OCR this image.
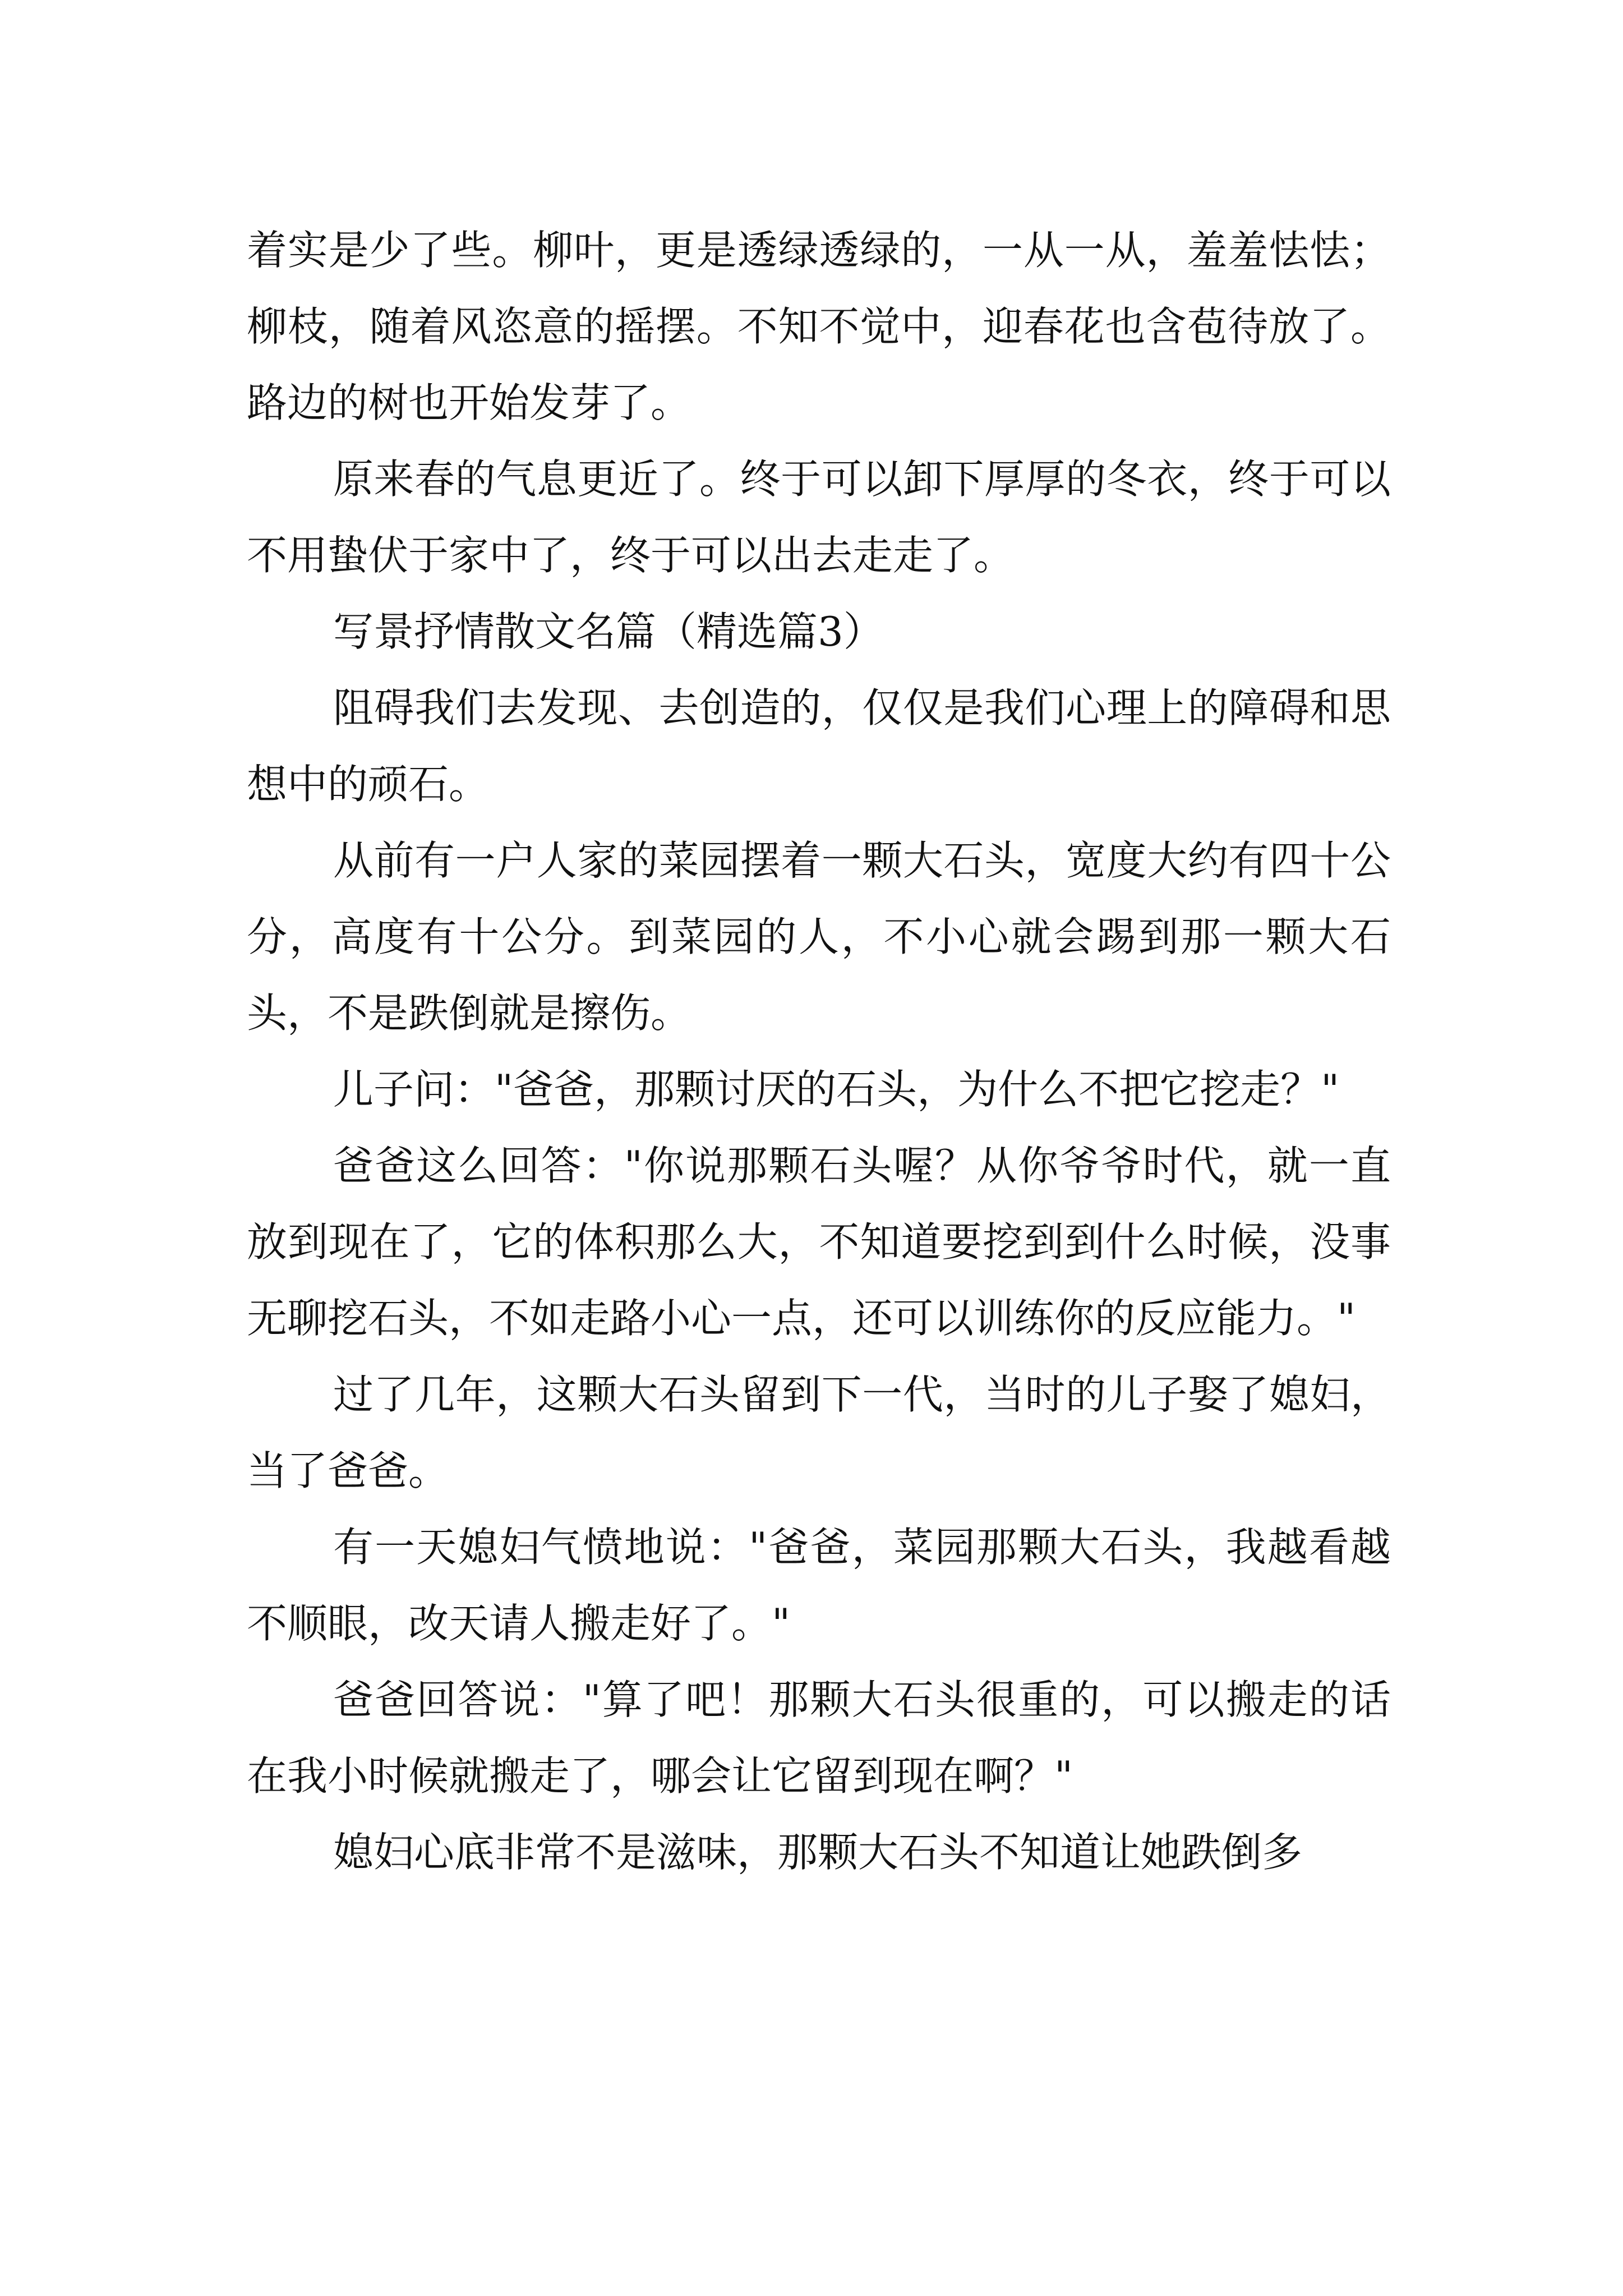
着实是少了些。柳叶，更是透绿透绿的，一从一从，羞羞怯怯；柳枝，随着风恣意的摇摆。不知不觉中，迎春花也含苞待放了。路边的树也开始发芽了。

原来春的气息更近了。终于可以卸下厚厚的冬衣，终于可以不用蛰伏于家中了，终于可以出去走走了。

写景抒情散文名篇（精选篇3）

阻碍我们去发现、去创造的，仅仅是我们心理上的障碍和思想中的顽石。

从前有一户人家的菜园摆着一颗大石头，宽度大约有四十公分，高度有十公分。到菜园的人，不小心就会踢到那一颗大石头，不是跌倒就是擦伤。

儿子问："爸爸，那颗讨厌的石头，为什么不把它挖走？"

爸爸这么回答："你说那颗石头喔？从你爷爷时代，就一直放到现在了，它的体积那么大，不知道要挖到到什么时候，没事无聊挖石头，不如走路小心一点，还可以训练你的反应能力。"

过了几年，这颗大石头留到下一代，当时的儿子娶了媳妇，当了爸爸。

有一天媳妇气愤地说："爸爸，菜园那颗大石头，我越看越不顺眼，改天请人搬走好了。"

爸爸回答说："算了吧！那颗大石头很重的，可以搬走的话在我小时候就搬走了，哪会让它留到现在啊？"

媳妇心底非常不是滋味，那颗大石头不知道让她跌倒多
